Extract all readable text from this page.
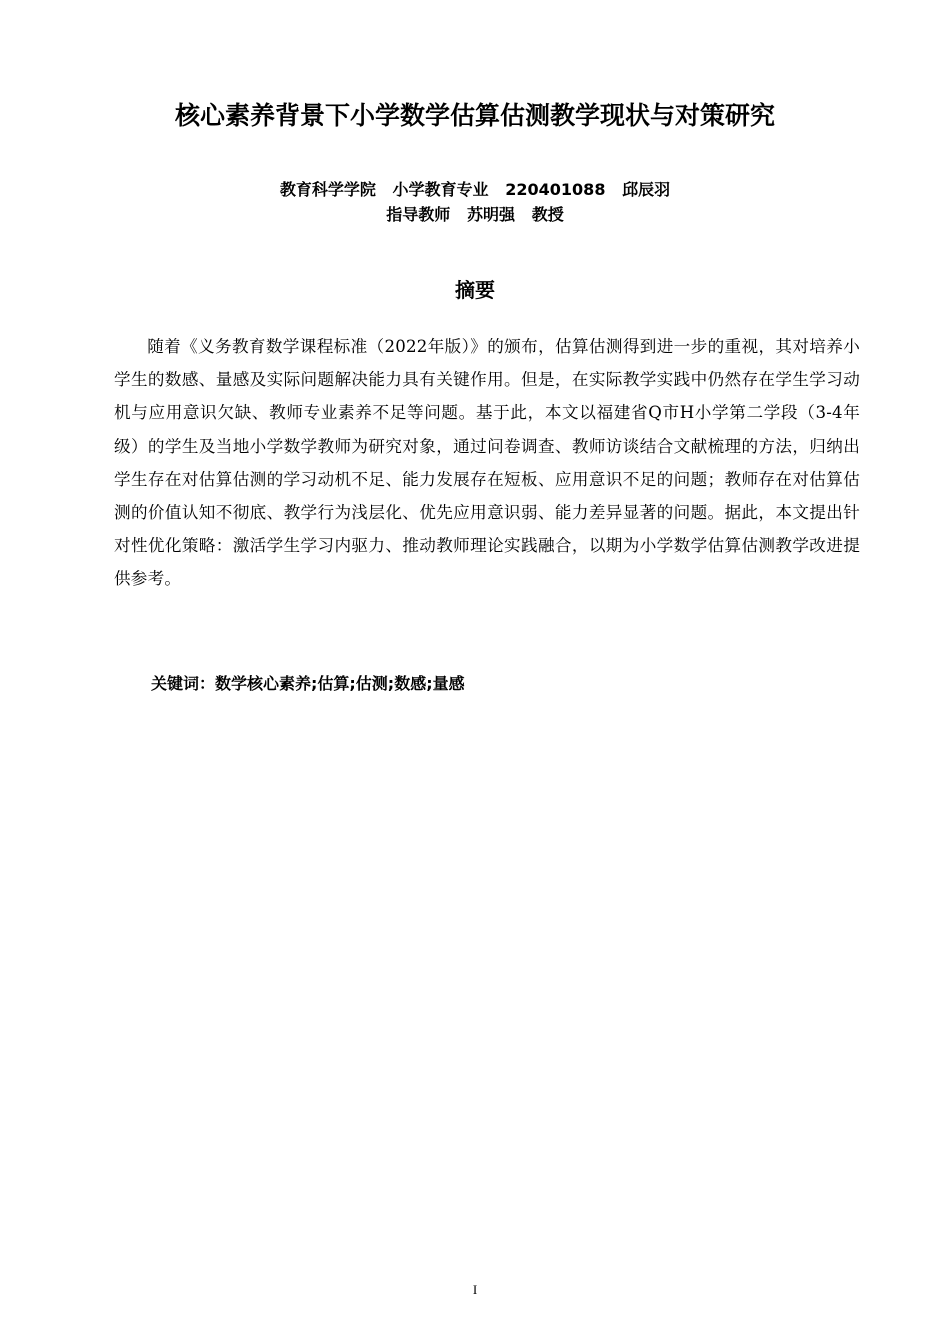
核心素养背景下小学数学估算估测教学现状与对策研究
教育科学学院   小学教育专业   220401088   邱辰羽
指导教师   苏明强   教授
摘要

随着《义务教育数学课程标准（2022年版）》的颁布，估算估测得到进一步的重视，其对培养小学生的数感、量感及实际问题解决能力具有关键作用。但是，在实际教学实践中仍然存在学生学习动机与应用意识欠缺、教师专业素养不足等问题。基于此，本文以福建省Q市H小学第二学段（3-4年级）的学生及当地小学数学教师为研究对象，通过问卷调查、教师访谈结合文献梳理的方法，归纳出学生存在对估算估测的学习动机不足、能力发展存在短板、应用意识不足的问题；教师存在对估算估测的价值认知不彻底、教学行为浅层化、优先应用意识弱、能力差异显著的问题。据此，本文提出针对性优化策略：激活学生学习内驱力、推动教师理论实践融合，以期为小学数学估算估测教学改进提供参考。

关键词：数学核心素养;估算;估测;数感;量感
I
